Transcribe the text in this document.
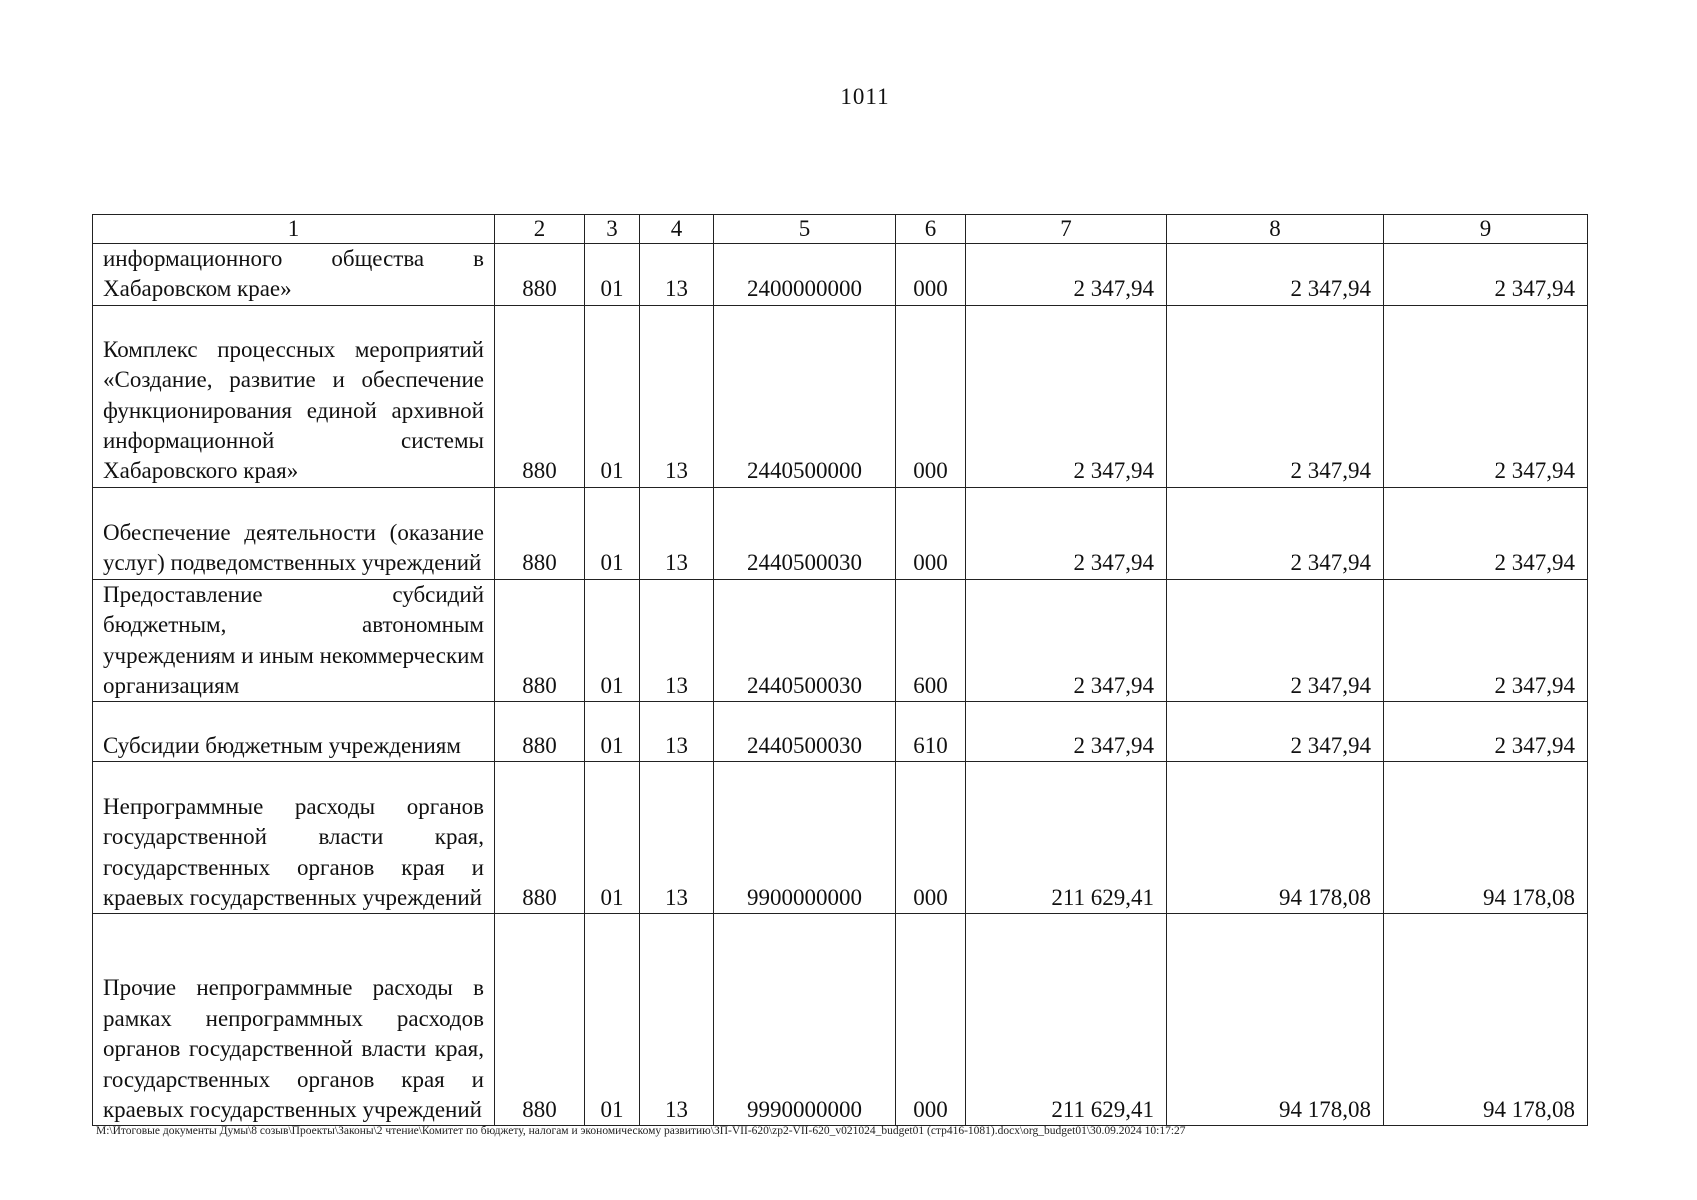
1011
1	2	3	4	5	6	7	8	9
информационного общества в Хабаровском крае»	880	01	13	2400000000	000	2 347,94	2 347,94	2 347,94
Комплекс процессных мероприятий «Создание, развитие и обеспечение функционирования единой архивной информационной системы Хабаровского края»	880	01	13	2440500000	000	2 347,94	2 347,94	2 347,94
Обеспечение деятельности (оказание услуг) подведомственных учреждений	880	01	13	2440500030	000	2 347,94	2 347,94	2 347,94
Предоставление субсидий бюджетным, автономным учреждениям и иным некоммерческим организациям	880	01	13	2440500030	600	2 347,94	2 347,94	2 347,94
Субсидии бюджетным учреждениям	880	01	13	2440500030	610	2 347,94	2 347,94	2 347,94
Непрограммные расходы органов государственной власти края, государственных органов края и краевых государственных учреждений	880	01	13	9900000000	000	211 629,41	94 178,08	94 178,08
Прочие непрограммные расходы в рамках непрограммных расходов органов государственной власти края, государственных органов края и краевых государственных учреждений	880	01	13	9990000000	000	211 629,41	94 178,08	94 178,08
M:\Итоговые документы Думы\8 созыв\Проекты\Законы\2 чтение\Комитет по бюджету, налогам и экономическому развитию\ЗП-VII-620\zp2-VII-620_v021024_budget01 (стр416-1081).docx\org_budget01\30.09.2024 10:17:27
